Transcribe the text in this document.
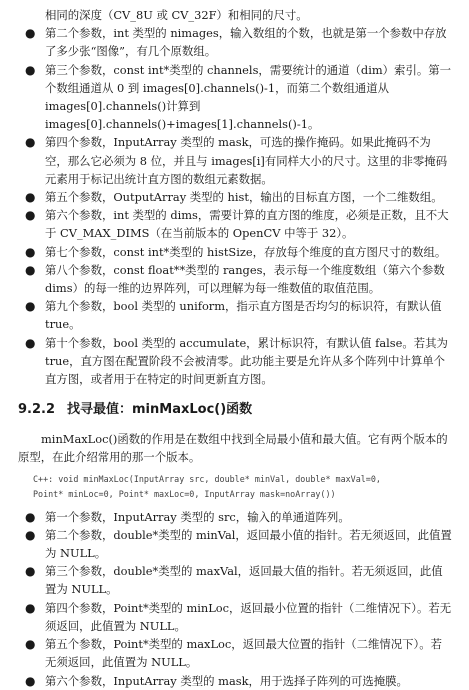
相同的深度（CV_8U 或 CV_32F）和相同的尺寸。

● 第二个参数，int 类型的 nimages，输入数组的个数，也就是第一个参数中存放了多少张“图像”，有几个原数组。
● 第三个参数，const int*类型的 channels，需要统计的通道（dim）索引。第一个数组通道从 0 到 images[0].channels()-1，而第二个数组通道从 images[0].channels()计算到 images[0].channels()+images[1].channels()-1。
● 第四个参数，InputArray 类型的 mask，可选的操作掩码。如果此掩码不为空，那么它必须为 8 位，并且与 images[i]有同样大小的尺寸。这里的非零掩码元素用于标记出统计直方图的数组元素数据。
● 第五个参数，OutputArray 类型的 hist，输出的目标直方图，一个二维数组。
● 第六个参数，int 类型的 dims，需要计算的直方图的维度，必须是正数，且不大于 CV_MAX_DIMS（在当前版本的 OpenCV 中等于 32）。
● 第七个参数，const int*类型的 histSize，存放每个维度的直方图尺寸的数组。
● 第八个参数，const float**类型的 ranges，表示每一个维度数组（第六个参数 dims）的每一维的边界阵列，可以理解为每一维数值的取值范围。
● 第九个参数，bool 类型的 uniform，指示直方图是否均匀的标识符，有默认值 true。
● 第十个参数，bool 类型的 accumulate，累计标识符，有默认值 false。若其为 true，直方图在配置阶段不会被清零。此功能主要是允许从多个阵列中计算单个直方图，或者用于在特定的时间更新直方图。
9.2.2 找寻最值：minMaxLoc()函数

minMaxLoc()函数的作用是在数组中找到全局最小值和最大值。它有两个版本的原型，在此介绍常用的那一个版本。

C++: void minMaxLoc(InputArray src, double* minVal, double* maxVal=0,
Point* minLoc=0, Point* maxLoc=0, InputArray mask=noArray())
● 第一个参数，InputArray 类型的 src，输入的单通道阵列。
● 第二个参数，double*类型的 minVal，返回最小值的指针。若无须返回，此值置为 NULL。
● 第三个参数，double*类型的 maxVal，返回最大值的指针。若无须返回，此值置为 NULL。
● 第四个参数，Point*类型的 minLoc，返回最小位置的指针（二维情况下）。若无须返回，此值置为 NULL。
● 第五个参数，Point*类型的 maxLoc，返回最大位置的指针（二维情况下）。若无须返回，此值置为 NULL。
● 第六个参数，InputArray 类型的 mask，用于选择子阵列的可选掩膜。
